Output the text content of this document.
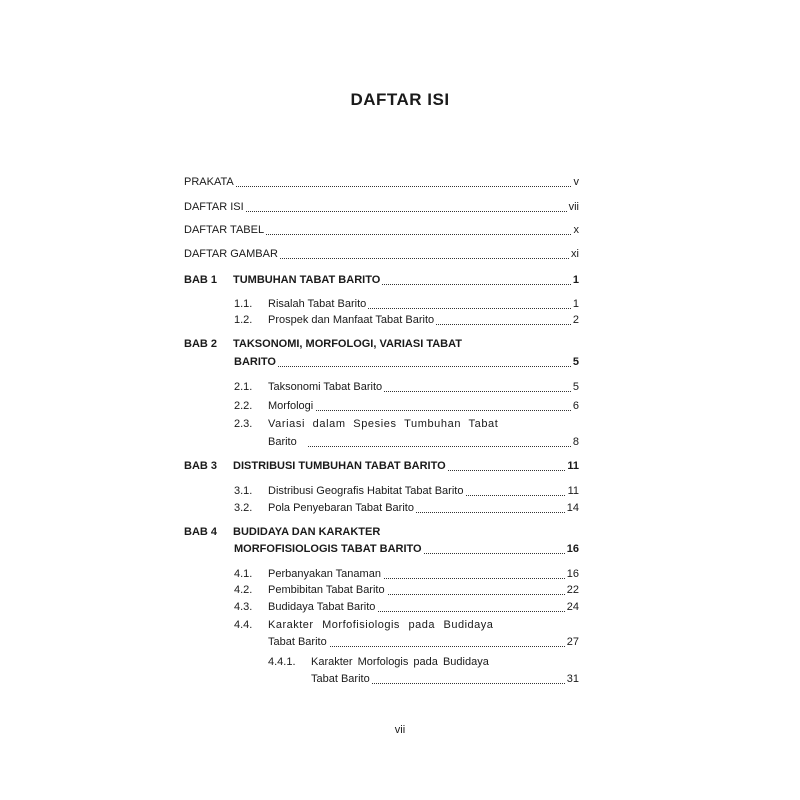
DAFTAR ISI
PRAKATA	v
DAFTAR ISI	vii
DAFTAR TABEL	x
DAFTAR GAMBAR	xi
BAB 1 TUMBUHAN TABAT BARITO	1
1.1. Risalah Tabat Barito	1
1.2. Prospek dan Manfaat Tabat Barito	2
BAB 2 TAKSONOMI, MORFOLOGI, VARIASI TABAT
BARITO	5
2.1. Taksonomi Tabat Barito	5
2.2. Morfologi	6
2.3. Variasi dalam Spesies Tumbuhan Tabat
Barito	8
BAB 3 DISTRIBUSI TUMBUHAN TABAT BARITO	11
3.1. Distribusi Geografis Habitat Tabat Barito	11
3.2. Pola Penyebaran Tabat Barito	14
BAB 4 BUDIDAYA DAN KARAKTER
MORFOFISIOLOGIS TABAT BARITO	16
4.1. Perbanyakan Tanaman	16
4.2. Pembibitan Tabat Barito	22
4.3. Budidaya Tabat Barito	24
4.4. Karakter Morfofisiologis pada Budidaya
Tabat Barito	27
4.4.1. Karakter Morfologis pada Budidaya
Tabat Barito	31
vii
